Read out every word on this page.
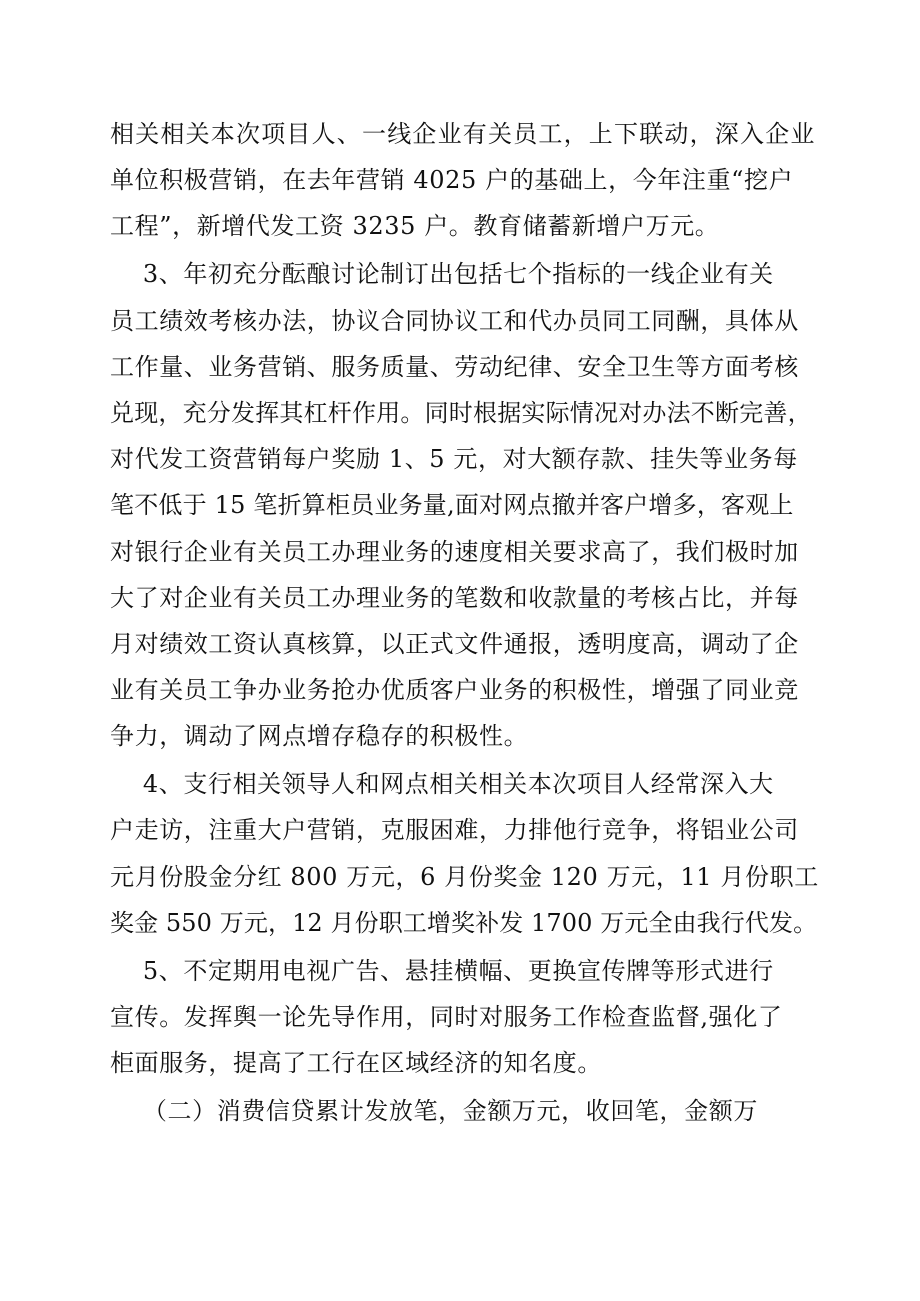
相关相关本次项目人、一线企业有关员工，上下联动，深入企业
单位积极营销，在去年营销 4025 户的基础上，今年注重“挖户
工程”，新增代发工资 3235 户。教育储蓄新增户万元。
3、年初充分酝酿讨论制订出包括七个指标的一线企业有关
员工绩效考核办法，协议合同协议工和代办员同工同酬，具体从
工作量、业务营销、服务质量、劳动纪律、安全卫生等方面考核
兑现，充分发挥其杠杆作用。同时根据实际情况对办法不断完善，
对代发工资营销每户奖励 1、5 元，对大额存款、挂失等业务每
笔不低于 15 笔折算柜员业务量,面对网点撤并客户增多，客观上
对银行企业有关员工办理业务的速度相关要求高了，我们极时加
大了对企业有关员工办理业务的笔数和收款量的考核占比，并每
月对绩效工资认真核算，以正式文件通报，透明度高，调动了企
业有关员工争办业务抢办优质客户业务的积极性，增强了同业竞
争力，调动了网点增存稳存的积极性。
4、支行相关领导人和网点相关相关本次项目人经常深入大
户走访，注重大户营销，克服困难，力排他行竞争，将铝业公司
元月份股金分红 800 万元，6 月份奖金 120 万元，11 月份职工
奖金 550 万元，12 月份职工增奖补发 1700 万元全由我行代发。
5、不定期用电视广告、悬挂横幅、更换宣传牌等形式进行
宣传。发挥舆一论先导作用，同时对服务工作检查监督,强化了
柜面服务，提高了工行在区域经济的知名度。
（二）消费信贷累计发放笔，金额万元，收回笔，金额万
